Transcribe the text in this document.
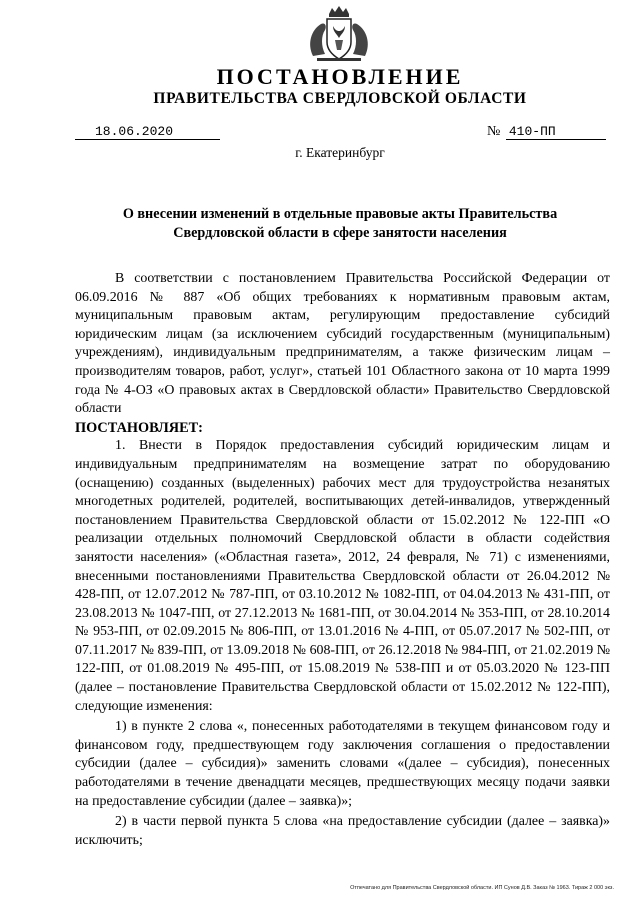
ПОСТАНОВЛЕНИЕ
ПРАВИТЕЛЬСТВА СВЕРДЛОВСКОЙ ОБЛАСТИ
18.06.2020	№ 410-ПП
г. Екатеринбург
О внесении изменений в отдельные правовые акты Правительства
Свердловской области в сфере занятости населения

В соответствии с постановлением Правительства Российской Федерации от 06.09.2016 № 887 «Об общих требованиях к нормативным правовым актам, муниципальным правовым актам, регулирующим предоставление субсидий юридическим лицам (за исключением субсидий государственным (муниципальным) учреждениям), индивидуальным предпринимателям, а также физическим лицам – производителям товаров, работ, услуг», статьей 101 Областного закона от 10 марта 1999 года № 4-ОЗ «О правовых актах в Свердловской области» Правительство Свердловской области

ПОСТАНОВЛЯЕТ:

1. Внести в Порядок предоставления субсидий юридическим лицам и индивидуальным предпринимателям на возмещение затрат по оборудованию (оснащению) созданных (выделенных) рабочих мест для трудоустройства незанятых многодетных родителей, родителей, воспитывающих детей-инвалидов, утвержденный постановлением Правительства Свердловской области от 15.02.2012 № 122-ПП «О реализации отдельных полномочий Свердловской области в области содействия занятости населения» («Областная газета», 2012, 24 февраля, № 71) с изменениями, внесенными постановлениями Правительства Свердловской области от 26.04.2012 № 428-ПП, от 12.07.2012 № 787-ПП, от 03.10.2012 № 1082-ПП, от 04.04.2013 № 431-ПП, от 23.08.2013 № 1047-ПП, от 27.12.2013 № 1681-ПП, от 30.04.2014 № 353-ПП, от 28.10.2014 № 953-ПП, от 02.09.2015 № 806-ПП, от 13.01.2016 № 4-ПП, от 05.07.2017 № 502-ПП, от 07.11.2017 № 839-ПП, от 13.09.2018 № 608-ПП, от 26.12.2018 № 984-ПП, от 21.02.2019 № 122-ПП, от 01.08.2019 № 495-ПП, от 15.08.2019 № 538-ПП и от 05.03.2020 № 123-ПП (далее – постановление Правительства Свердловской области от 15.02.2012 № 122-ПП), следующие изменения:

1) в пункте 2 слова «, понесенных работодателями в текущем финансовом году и финансовом году, предшествующем году заключения соглашения о предоставлении субсидии (далее – субсидия)» заменить словами «(далее – субсидия), понесенных работодателями в течение двенадцати месяцев, предшествующих месяцу подачи заявки на предоставление субсидии (далее – заявка)»;

2) в части первой пункта 5 слова «на предоставление субсидии (далее – заявка)» исключить;

Отпечатано для Правительства Свердловской области. ИП Сунов Д.В. Заказ № 1963. Тираж 2 000 экз.
